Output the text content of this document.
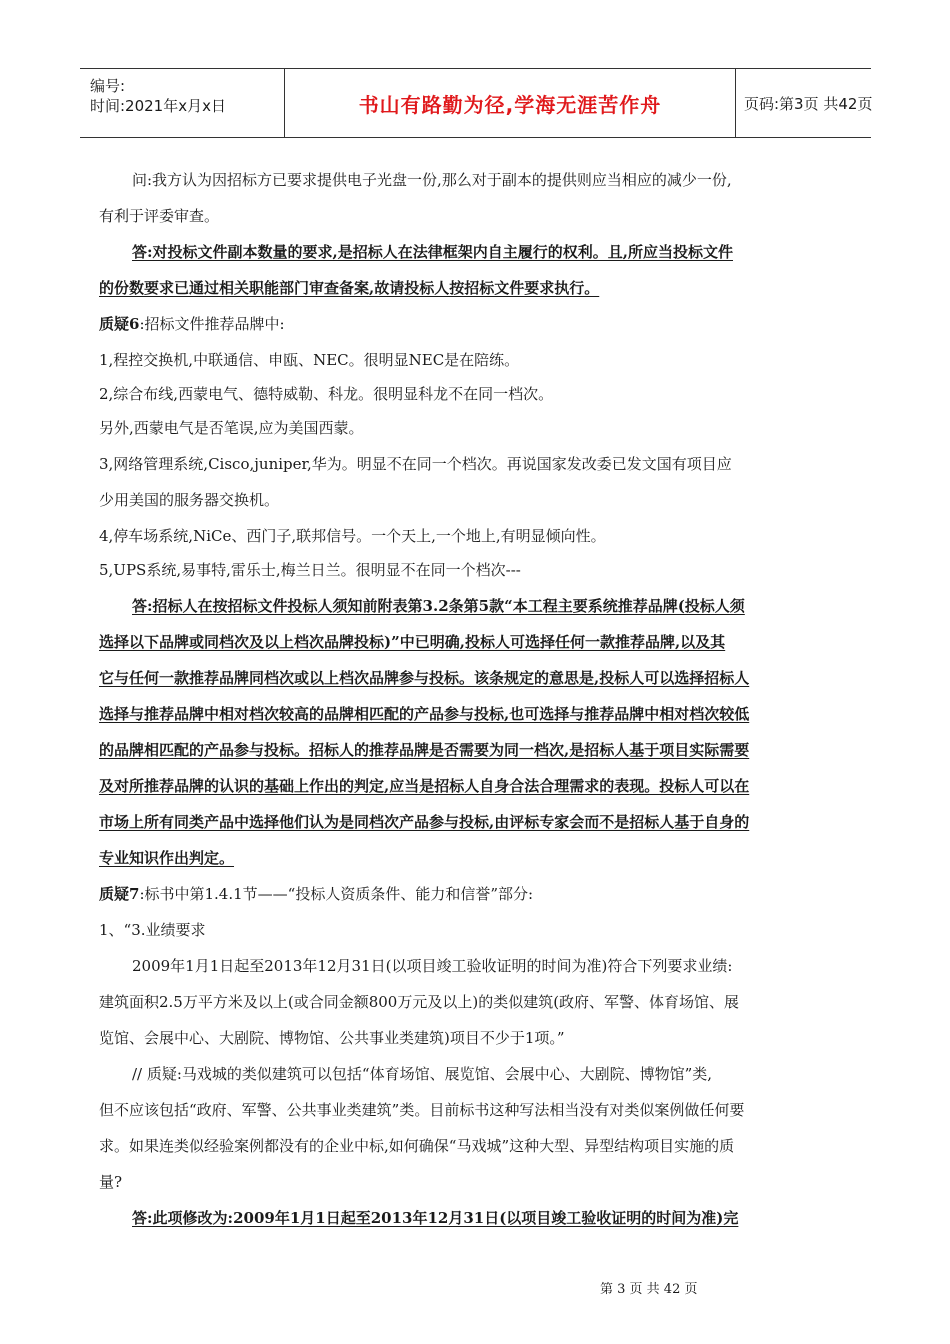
编号:
时间:2021年x月x日	书山有路勤为径,学海无涯苦作舟	页码:第3页 共42页
问:我方认为因招标方已要求提供电子光盘一份,那么对于副本的提供则应当相应的减少一份,
有利于评委审查。
答:对投标文件副本数量的要求,是招标人在法律框架内自主履行的权利。且,所应当投标文件
的份数要求已通过相关职能部门审查备案,故请投标人按招标文件要求执行。
质疑6:招标文件推荐品牌中:
1,程控交换机,中联通信、申瓯、NEC。很明显NEC是在陪练。
2,综合布线,西蒙电气、德特威勒、科龙。很明显科龙不在同一档次。
另外,西蒙电气是否笔误,应为美国西蒙。
3,网络管理系统,Cisco,juniper,华为。明显不在同一个档次。再说国家发改委已发文国有项目应
少用美国的服务器交换机。
4,停车场系统,NiCe、西门子,联邦信号。一个天上,一个地上,有明显倾向性。
5,UPS系统,易事特,雷乐士,梅兰日兰。很明显不在同一个档次---
答:招标人在按招标文件投标人须知前附表第3.2条第5款“本工程主要系统推荐品牌(投标人须
选择以下品牌或同档次及以上档次品牌投标)”中已明确,投标人可选择任何一款推荐品牌,以及其
它与任何一款推荐品牌同档次或以上档次品牌参与投标。该条规定的意思是,投标人可以选择招标人
选择与推荐品牌中相对档次较高的品牌相匹配的产品参与投标,也可选择与推荐品牌中相对档次较低
的品牌相匹配的产品参与投标。招标人的推荐品牌是否需要为同一档次,是招标人基于项目实际需要
及对所推荐品牌的认识的基础上作出的判定,应当是招标人自身合法合理需求的表现。投标人可以在
市场上所有同类产品中选择他们认为是同档次产品参与投标,由评标专家会而不是招标人基于自身的
专业知识作出判定。
质疑7:标书中第1.4.1节——“投标人资质条件、能力和信誉”部分:
1、“3.业绩要求
2009年1月1日起至2013年12月31日(以项目竣工验收证明的时间为准)符合下列要求业绩:
建筑面积2.5万平方米及以上(或合同金额800万元及以上)的类似建筑(政府、军警、体育场馆、展
览馆、会展中心、大剧院、博物馆、公共事业类建筑)项目不少于1项。”
// 质疑:马戏城的类似建筑可以包括“体育场馆、展览馆、会展中心、大剧院、博物馆”类,
但不应该包括“政府、军警、公共事业类建筑”类。目前标书这种写法相当没有对类似案例做任何要
求。如果连类似经验案例都没有的企业中标,如何确保“马戏城”这种大型、异型结构项目实施的质
量?
答:此项修改为:2009年1月1日起至2013年12月31日(以项目竣工验收证明的时间为准)完
第 3 页 共 42 页
